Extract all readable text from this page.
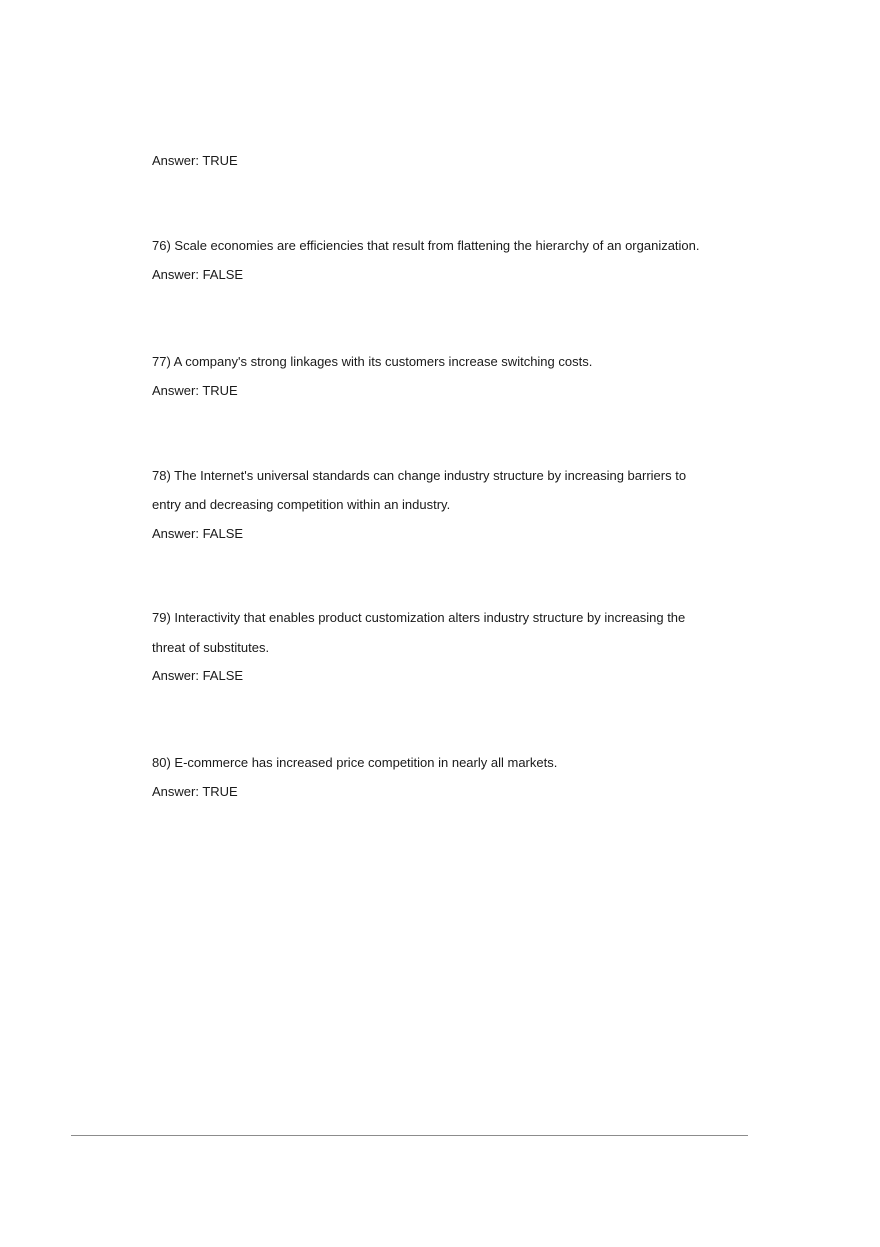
Answer: TRUE
76) Scale economies are efficiencies that result from flattening the hierarchy of an organization.
Answer: FALSE
77) A company's strong linkages with its customers increase switching costs.
Answer: TRUE
78) The Internet's universal standards can change industry structure by increasing barriers to
entry and decreasing competition within an industry.
Answer: FALSE
79) Interactivity that enables product customization alters industry structure by increasing the
threat of substitutes.
Answer: FALSE
80) E-commerce has increased price competition in nearly all markets.
Answer: TRUE
